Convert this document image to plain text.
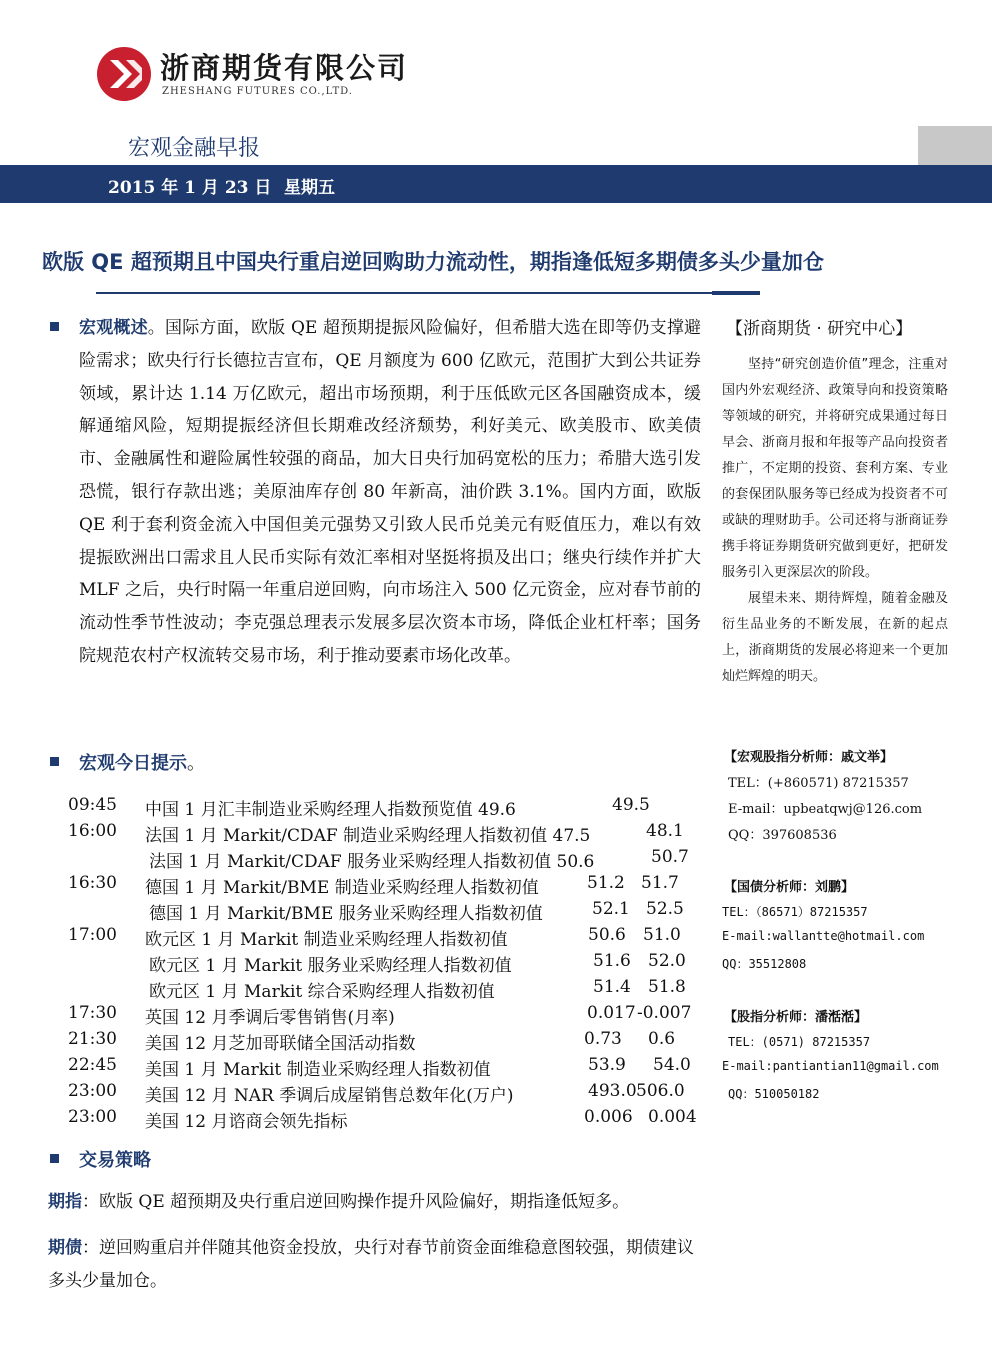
浙商期货有限公司
ZHESHANG FUTURES CO.,LTD.
宏观金融早报
2015 年 1 月 23 日 星期五
欧版 QE 超预期且中国央行重启逆回购助力流动性，期指逢低短多期债多头少量加仓
宏观概述。国际方面，欧版 QE 超预期提振风险偏好，但希腊大选在即等仍支撑避险需求；欧央行行长德拉吉宣布，QE 月额度为 600 亿欧元，范围扩大到公共证券领域，累计达 1.14 万亿欧元，超出市场预期，利于压低欧元区各国融资成本，缓解通缩风险，短期提振经济但长期难改经济颓势，利好美元、欧美股市、欧美债市、金融属性和避险属性较强的商品，加大日央行加码宽松的压力；希腊大选引发恐慌，银行存款出逃；美原油库存创 80 年新高，油价跌 3.1%。国内方面，欧版 QE 利于套利资金流入中国但美元强势又引致人民币兑美元有贬值压力，难以有效提振欧洲出口需求且人民币实际有效汇率相对坚挺将损及出口；继央行续作并扩大 MLF 之后，央行时隔一年重启逆回购，向市场注入 500 亿元资金，应对春节前的流动性季节性波动；李克强总理表示发展多层次资本市场，降低企业杠杆率；国务院规范农村产权流转交易市场，利于推动要素市场化改革。
宏观今日提示。
09:45 中国 1 月汇丰制造业采购经理人指数预览值 49.6	49.5
16:00 法国 1 月 Markit/CDAF 制造业采购经理人指数初值 47.5	48.1
法国 1 月 Markit/CDAF 服务业采购经理人指数初值 50.6	50.7
16:30 德国 1 月 Markit/BME 制造业采购经理人指数初值	51.2 51.7
德国 1 月 Markit/BME 服务业采购经理人指数初值	52.1 52.5
17:00 欧元区 1 月 Markit 制造业采购经理人指数初值	50.6 51.0
欧元区 1 月 Markit 服务业采购经理人指数初值	51.6 52.0
欧元区 1 月 Markit 综合采购经理人指数初值	51.4 51.8
17:30 英国 12 月季调后零售销售(月率)	0.017 -0.007
21:30 美国 12 月芝加哥联储全国活动指数	0.73 0.6
22:45 美国 1 月 Markit 制造业采购经理人指数初值	53.9 54.0
23:00 美国 12 月 NAR 季调后成屋销售总数年化(万户)	493.0 506.0
23:00 美国 12 月谘商会领先指标	0.006 0.004
交易策略
期指：欧版 QE 超预期及央行重启逆回购操作提升风险偏好，期指逢低短多。
期债：逆回购重启并伴随其他资金投放，央行对春节前资金面维稳意图较强，期债建议多头少量加仓。
【浙商期货 · 研究中心】

坚持“研究创造价值”理念，注重对国内外宏观经济、政策导向和投资策略等领域的研究，并将研究成果通过每日早会、浙商月报和年报等产品向投资者推广，不定期的投资、套利方案、专业的套保团队服务等已经成为投资者不可或缺的理财助手。公司还将与浙商证券携手将证券期货研究做到更好，把研发服务引入更深层次的阶段。

展望未来、期待辉煌，随着金融及衍生品业务的不断发展，在新的起点上，浙商期货的发展必将迎来一个更加灿烂辉煌的明天。

【宏观股指分析师：戚文举】
TEL：(+860571) 87215357
E-mail：upbeatqwj@126.com
QQ：397608536
【国债分析师：刘鹏】
TEL：（86571）87215357
E-mail:wallantte@hotmail.com
QQ：35512808
【股指分析师：潘湉湉】
TEL：(0571) 87215357
E-mail:pantiantian11@gmail.com
QQ：510050182
